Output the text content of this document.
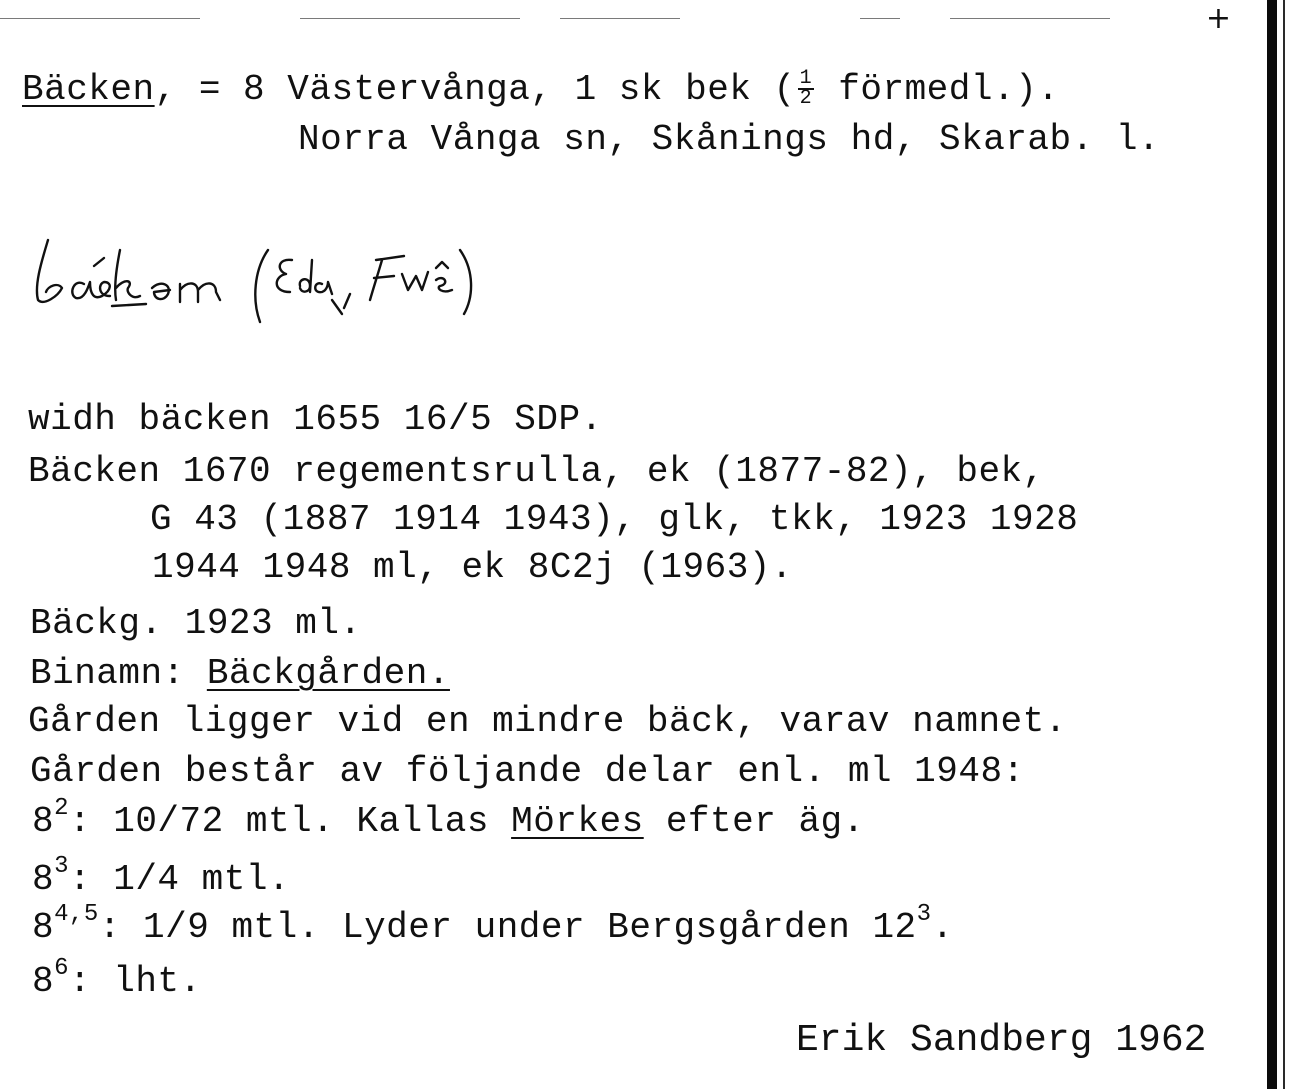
+
Bäcken, = 8 Västervånga, 1 sk bek ( $\frac{1}{2}$ förmedl.).
Norra Vånga sn, Skånings hd, Skarab. l.
widh bäcken 1655 16/5 SDP.
Bäcken 1670 regementsrulla, ek (1877-82), bek,
G 43 (1887 1914 1943), glk, tkk, 1923 1928
1944 1948 ml, ek 8C2j (1963).
Bäckg. 1923 ml.
Binamn: Bäckgården.
Gården ligger vid en mindre bäck, varav namnet.
Gården består av följande delar enl. ml 1948:
$8^2$: 10/72 mtl. Kallas Mörkes efter äg.
$8^3$: 1/4 mtl.
8$^{4,5}$: 1/9 mtl. Lyder under Bergsgården $12^3$.
$8^6$: lht.
Erik Sandberg 1962
